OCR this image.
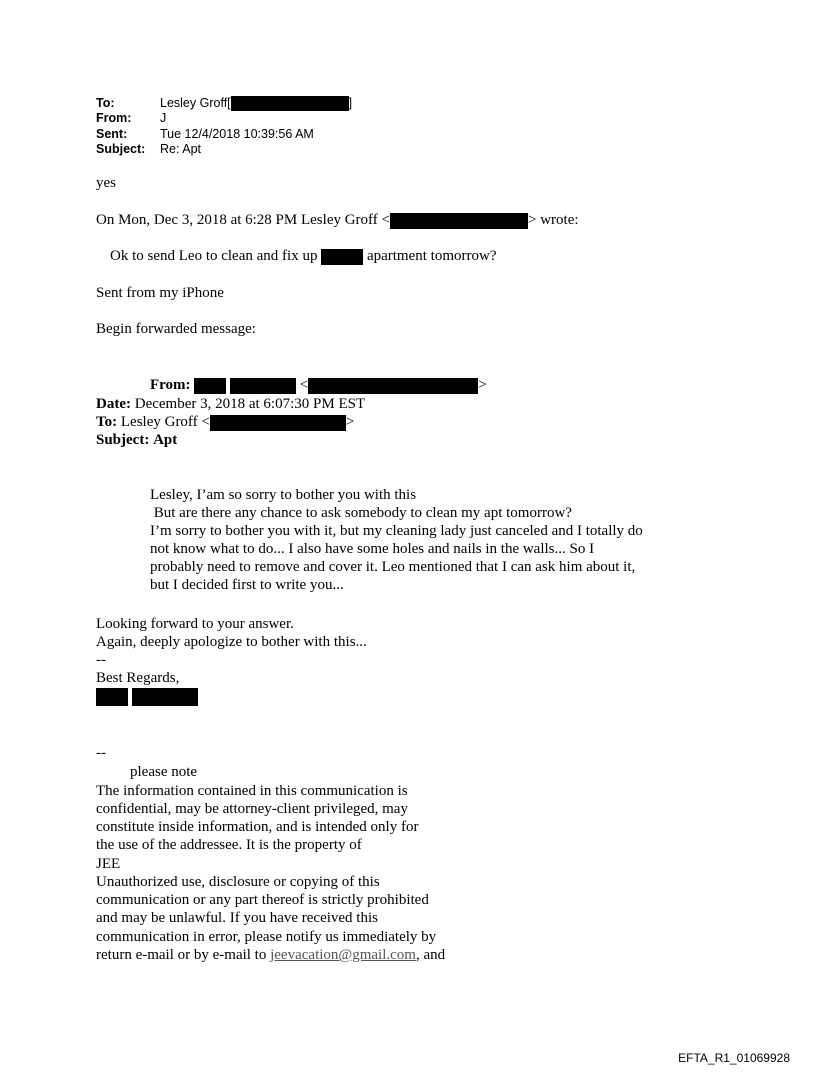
To:	Lesley Groff[	]
From: J
Sent:	Tue 12/4/2018 10:39:56 AM
Subject: Re: Apt
yes
On Mon, Dec 3, 2018 at 6:28 PM Lesley Groff <	> wrote:
Ok to send Leo to clean and fix up	apartment tomorrow?
Sent from my iPhone
Begin forwarded message:
From:	<	>
Date: December 3, 2018 at 6:07:30 PM EST
To: Lesley Groff <	>
Subject: Apt
Lesley, I’am so sorry to bother you with this
But are there any chance to ask somebody to clean my apt tomorrow?
I’m sorry to bother you with it, but my cleaning lady just canceled and I totally do
not know what to do... I also have some holes and nails in the walls... So I
probably need to remove and cover it. Leo mentioned that I can ask him about it,
but I decided first to write you...
Looking forward to your answer.
Again, deeply apologize to bother with this...
--
Best Regards,

--
please note
The information contained in this communication is
confidential, may be attorney-client privileged, may
constitute inside information, and is intended only for
the use of the addressee. It is the property of
JEE
Unauthorized use, disclosure or copying of this
communication or any part thereof is strictly prohibited
and may be unlawful. If you have received this
communication in error, please notify us immediately by
return e-mail or by e-mail to jeevacation@gmail.com, and
EFTA_R1_01069928
